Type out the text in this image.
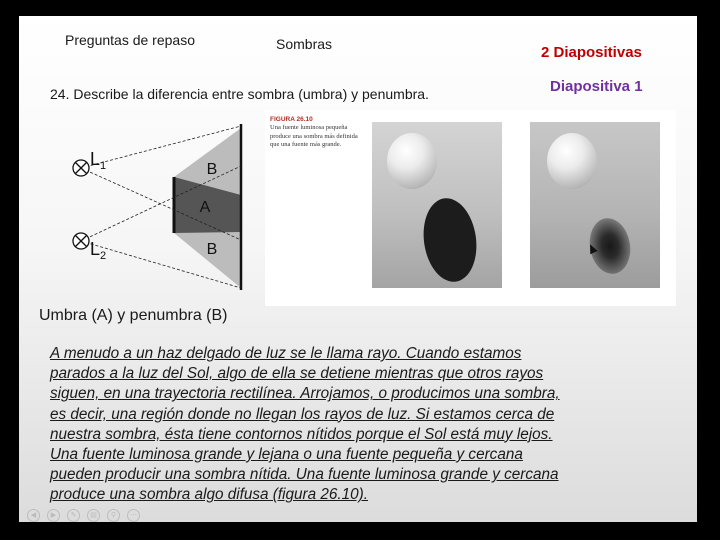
Preguntas de repaso	Sombras	2 Diapositivas
Diapositiva 1
24. Describe la diferencia entre sombra (umbra) y penumbra.
$L_1$
$L_2$
B
A
B
FIGURA 26.10
Una fuente luminosa pequeña produce una sombra más definida que una fuente más grande.
Umbra (A) y penumbra (B)
A menudo a un haz delgado de luz se le llama rayo. Cuando estamos
parados a la luz del Sol, algo de ella se detiene mientras que otros rayos
siguen, en una trayectoria rectilínea. Arrojamos, o producimos una sombra,
es decir, una región donde no llegan los rayos de luz. Si estamos cerca de
nuestra sombra, ésta tiene contornos nítidos porque el Sol está muy lejos.
Una fuente luminosa grande y lejana o una fuente pequeña y cercana
pueden producir una sombra nítida. Una fuente luminosa grande y cercana
produce una sombra algo difusa (figura 26.10).
◀ ▶ ✎ ▤ ⚲ ⋯
